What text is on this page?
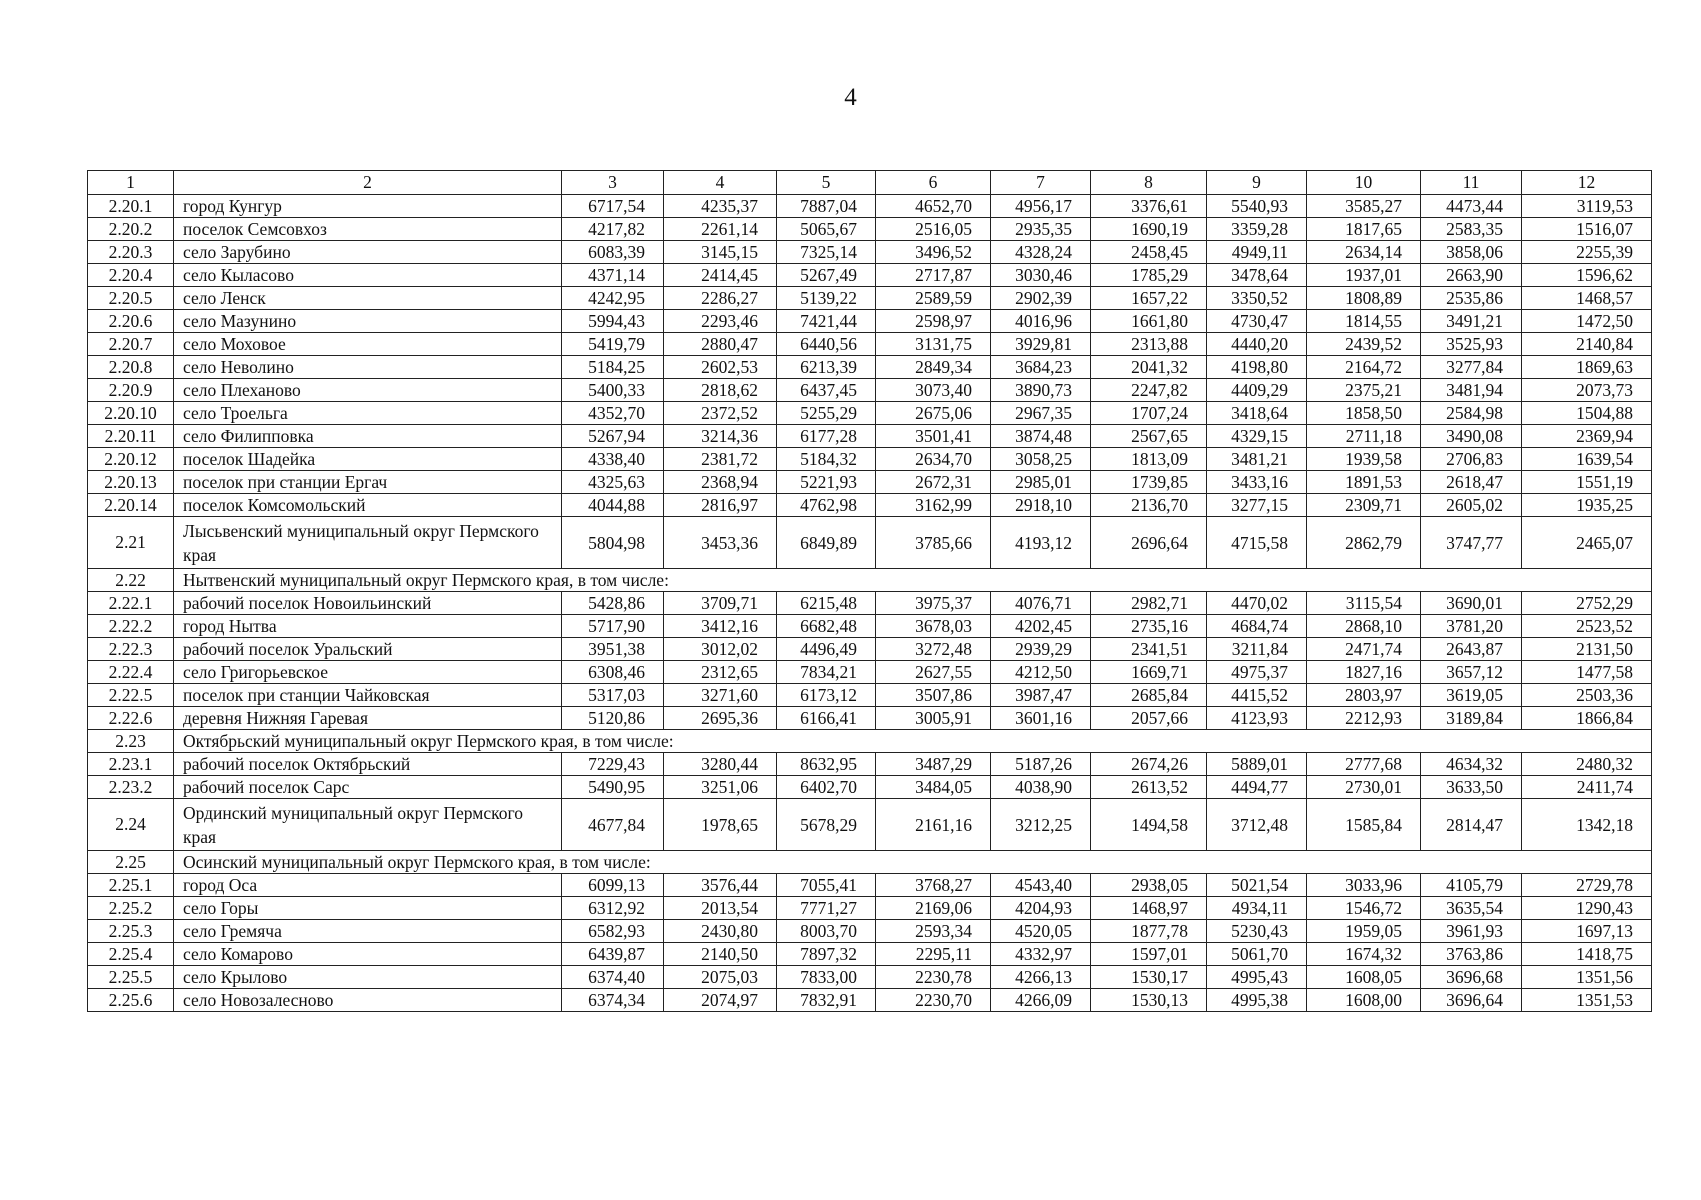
4
1	2	3	4	5	6	7	8	9	10	11	12
2.20.1	город Кунгур	6717,54	4235,37	7887,04	4652,70	4956,17	3376,61	5540,93	3585,27	4473,44	3119,53
2.20.2	поселок Семсовхоз	4217,82	2261,14	5065,67	2516,05	2935,35	1690,19	3359,28	1817,65	2583,35	1516,07
2.20.3	село Зарубино	6083,39	3145,15	7325,14	3496,52	4328,24	2458,45	4949,11	2634,14	3858,06	2255,39
2.20.4	село Кыласово	4371,14	2414,45	5267,49	2717,87	3030,46	1785,29	3478,64	1937,01	2663,90	1596,62
2.20.5	село Ленск	4242,95	2286,27	5139,22	2589,59	2902,39	1657,22	3350,52	1808,89	2535,86	1468,57
2.20.6	село Мазунино	5994,43	2293,46	7421,44	2598,97	4016,96	1661,80	4730,47	1814,55	3491,21	1472,50
2.20.7	село Моховое	5419,79	2880,47	6440,56	3131,75	3929,81	2313,88	4440,20	2439,52	3525,93	2140,84
2.20.8	село Неволино	5184,25	2602,53	6213,39	2849,34	3684,23	2041,32	4198,80	2164,72	3277,84	1869,63
2.20.9	село Плеханово	5400,33	2818,62	6437,45	3073,40	3890,73	2247,82	4409,29	2375,21	3481,94	2073,73
2.20.10	село Троельга	4352,70	2372,52	5255,29	2675,06	2967,35	1707,24	3418,64	1858,50	2584,98	1504,88
2.20.11	село Филипповка	5267,94	3214,36	6177,28	3501,41	3874,48	2567,65	4329,15	2711,18	3490,08	2369,94
2.20.12	поселок Шадейка	4338,40	2381,72	5184,32	2634,70	3058,25	1813,09	3481,21	1939,58	2706,83	1639,54
2.20.13	поселок при станции Ергач	4325,63	2368,94	5221,93	2672,31	2985,01	1739,85	3433,16	1891,53	2618,47	1551,19
2.20.14	поселок Комсомольский	4044,88	2816,97	4762,98	3162,99	2918,10	2136,70	3277,15	2309,71	2605,02	1935,25
2.21	Лысьвенский муниципальный округ Пермского края	5804,98	3453,36	6849,89	3785,66	4193,12	2696,64	4715,58	2862,79	3747,77	2465,07
2.22	Нытвенский муниципальный округ Пермского края, в том числе:										
2.22.1	рабочий поселок Новоильинский	5428,86	3709,71	6215,48	3975,37	4076,71	2982,71	4470,02	3115,54	3690,01	2752,29
2.22.2	город Нытва	5717,90	3412,16	6682,48	3678,03	4202,45	2735,16	4684,74	2868,10	3781,20	2523,52
2.22.3	рабочий поселок Уральский	3951,38	3012,02	4496,49	3272,48	2939,29	2341,51	3211,84	2471,74	2643,87	2131,50
2.22.4	село Григорьевское	6308,46	2312,65	7834,21	2627,55	4212,50	1669,71	4975,37	1827,16	3657,12	1477,58
2.22.5	поселок при станции Чайковская	5317,03	3271,60	6173,12	3507,86	3987,47	2685,84	4415,52	2803,97	3619,05	2503,36
2.22.6	деревня Нижняя Гаревая	5120,86	2695,36	6166,41	3005,91	3601,16	2057,66	4123,93	2212,93	3189,84	1866,84
2.23	Октябрьский муниципальный округ Пермского края, в том числе:										
2.23.1	рабочий поселок Октябрьский	7229,43	3280,44	8632,95	3487,29	5187,26	2674,26	5889,01	2777,68	4634,32	2480,32
2.23.2	рабочий поселок Сарс	5490,95	3251,06	6402,70	3484,05	4038,90	2613,52	4494,77	2730,01	3633,50	2411,74
2.24	Ординский муниципальный округ Пермского края	4677,84	1978,65	5678,29	2161,16	3212,25	1494,58	3712,48	1585,84	2814,47	1342,18
2.25	Осинский муниципальный округ Пермского края, в том числе:										
2.25.1	город Оса	6099,13	3576,44	7055,41	3768,27	4543,40	2938,05	5021,54	3033,96	4105,79	2729,78
2.25.2	село Горы	6312,92	2013,54	7771,27	2169,06	4204,93	1468,97	4934,11	1546,72	3635,54	1290,43
2.25.3	село Гремяча	6582,93	2430,80	8003,70	2593,34	4520,05	1877,78	5230,43	1959,05	3961,93	1697,13
2.25.4	село Комарово	6439,87	2140,50	7897,32	2295,11	4332,97	1597,01	5061,70	1674,32	3763,86	1418,75
2.25.5	село Крылово	6374,40	2075,03	7833,00	2230,78	4266,13	1530,17	4995,43	1608,05	3696,68	1351,56
2.25.6	село Новозалесново	6374,34	2074,97	7832,91	2230,70	4266,09	1530,13	4995,38	1608,00	3696,64	1351,53
